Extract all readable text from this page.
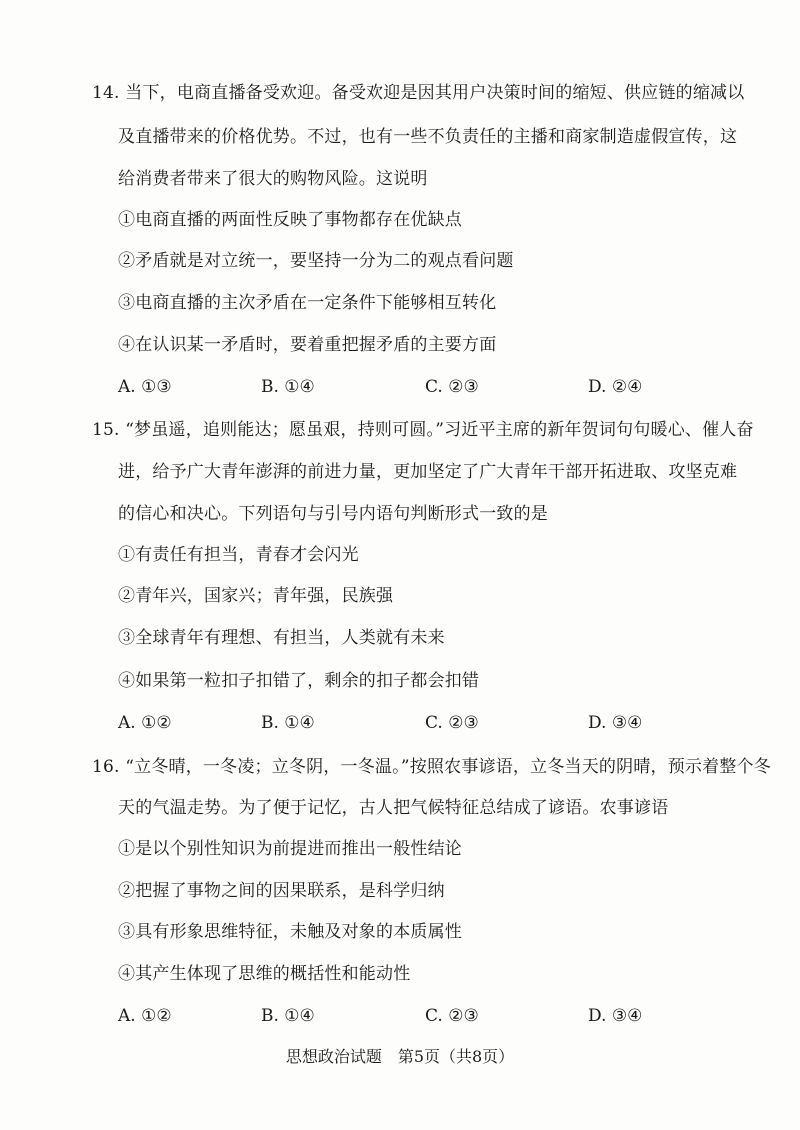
14. 当下，电商直播备受欢迎。备受欢迎是因其用户决策时间的缩短、供应链的缩减以
及直播带来的价格优势。不过，也有一些不负责任的主播和商家制造虚假宣传，这
给消费者带来了很大的购物风险。这说明
①电商直播的两面性反映了事物都存在优缺点
②矛盾就是对立统一，要坚持一分为二的观点看问题
③电商直播的主次矛盾在一定条件下能够相互转化
④在认识某一矛盾时，要着重把握矛盾的主要方面
A. ①③	B. ①④	C. ②③	D. ②④
15. “梦虽遥，追则能达；愿虽艰，持则可圆。”习近平主席的新年贺词句句暖心、催人奋
进，给予广大青年澎湃的前进力量，更加坚定了广大青年干部开拓进取、攻坚克难
的信心和决心。下列语句与引号内语句判断形式一致的是
①有责任有担当，青春才会闪光
②青年兴，国家兴；青年强，民族强
③全球青年有理想、有担当，人类就有未来
④如果第一粒扣子扣错了，剩余的扣子都会扣错
A. ①②	B. ①④	C. ②③	D. ③④
16. “立冬晴，一冬凌；立冬阴，一冬温。”按照农事谚语，立冬当天的阴晴，预示着整个冬
天的气温走势。为了便于记忆，古人把气候特征总结成了谚语。农事谚语
①是以个别性知识为前提进而推出一般性结论
②把握了事物之间的因果联系，是科学归纳
③具有形象思维特征，未触及对象的本质属性
④其产生体现了思维的概括性和能动性
A. ①②	B. ①④	C. ②③	D. ③④
思想政治试题　第5页（共8页）
